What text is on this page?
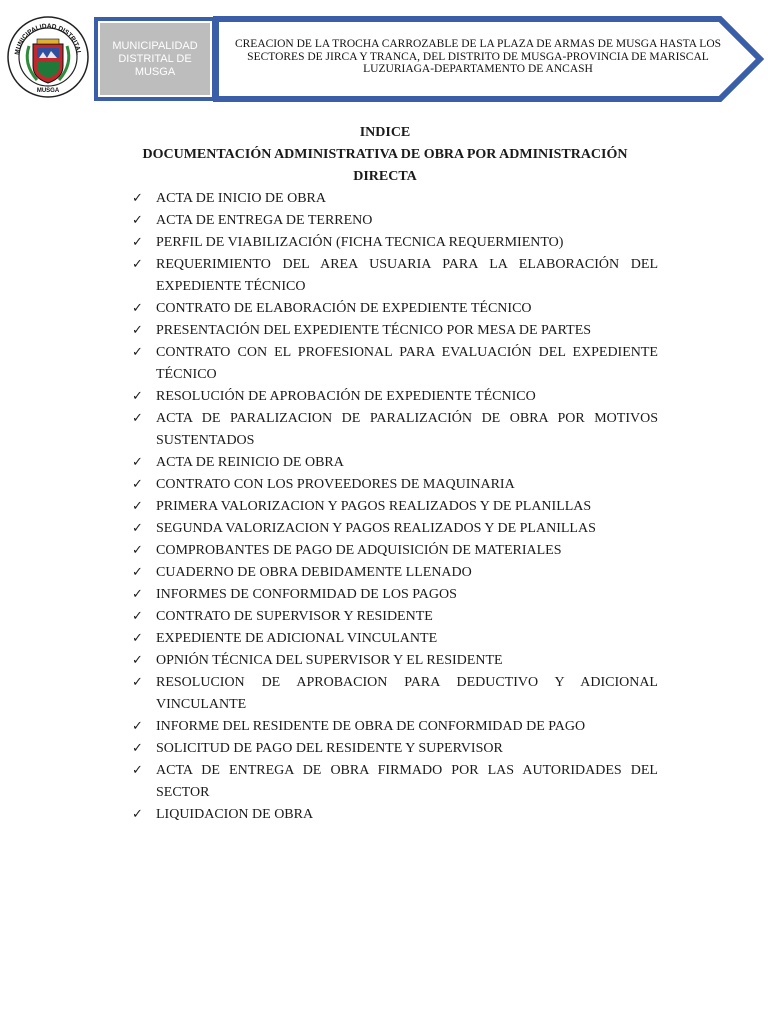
MUNICIPALIDAD DISTRITAL
MUSGA
MUNICIPALIDAD DISTRITAL DE MUSGA
CREACION DE LA TROCHA CARROZABLE DE LA PLAZA DE ARMAS DE MUSGA HASTA LOS SECTORES DE JIRCA Y TRANCA, DEL DISTRITO DE MUSGA-PROVINCIA DE MARISCAL LUZURIAGA-DEPARTAMENTO DE ANCASH
INDICE
DOCUMENTACIÓN ADMINISTRATIVA DE OBRA POR ADMINISTRACIÓN DIRECTA
✓ ACTA DE INICIO DE OBRA
✓ ACTA DE ENTREGA DE TERRENO
✓ PERFIL DE VIABILIZACIÓN (FICHA TECNICA REQUERMIENTO)
✓ REQUERIMIENTO DEL AREA USUARIA PARA LA ELABORACIÓN DEL EXPEDIENTE TÉCNICO
✓ CONTRATO DE ELABORACIÓN DE EXPEDIENTE TÉCNICO
✓ PRESENTACIÓN DEL EXPEDIENTE TÉCNICO POR MESA DE PARTES
✓ CONTRATO CON EL PROFESIONAL PARA EVALUACIÓN DEL EXPEDIENTE TÉCNICO
✓ RESOLUCIÓN DE APROBACIÓN DE EXPEDIENTE TÉCNICO
✓ ACTA DE PARALIZACION DE PARALIZACIÓN DE OBRA POR MOTIVOS SUSTENTADOS
✓ ACTA DE REINICIO DE OBRA
✓ CONTRATO CON LOS PROVEEDORES DE MAQUINARIA
✓ PRIMERA VALORIZACION Y PAGOS REALIZADOS Y DE PLANILLAS
✓ SEGUNDA VALORIZACION Y PAGOS REALIZADOS Y DE PLANILLAS
✓ COMPROBANTES DE PAGO DE ADQUISICIÓN DE MATERIALES
✓ CUADERNO DE OBRA DEBIDAMENTE LLENADO
✓ INFORMES DE CONFORMIDAD DE LOS PAGOS
✓ CONTRATO DE SUPERVISOR Y RESIDENTE
✓ EXPEDIENTE DE ADICIONAL VINCULANTE
✓ OPNIÓN TÉCNICA DEL SUPERVISOR Y EL RESIDENTE
✓ RESOLUCION DE APROBACION PARA DEDUCTIVO Y ADICIONAL VINCULANTE
✓ INFORME DEL RESIDENTE DE OBRA DE CONFORMIDAD DE PAGO
✓ SOLICITUD DE PAGO DEL RESIDENTE Y SUPERVISOR
✓ ACTA DE ENTREGA DE OBRA FIRMADO POR LAS AUTORIDADES DEL SECTOR
✓ LIQUIDACION DE OBRA
